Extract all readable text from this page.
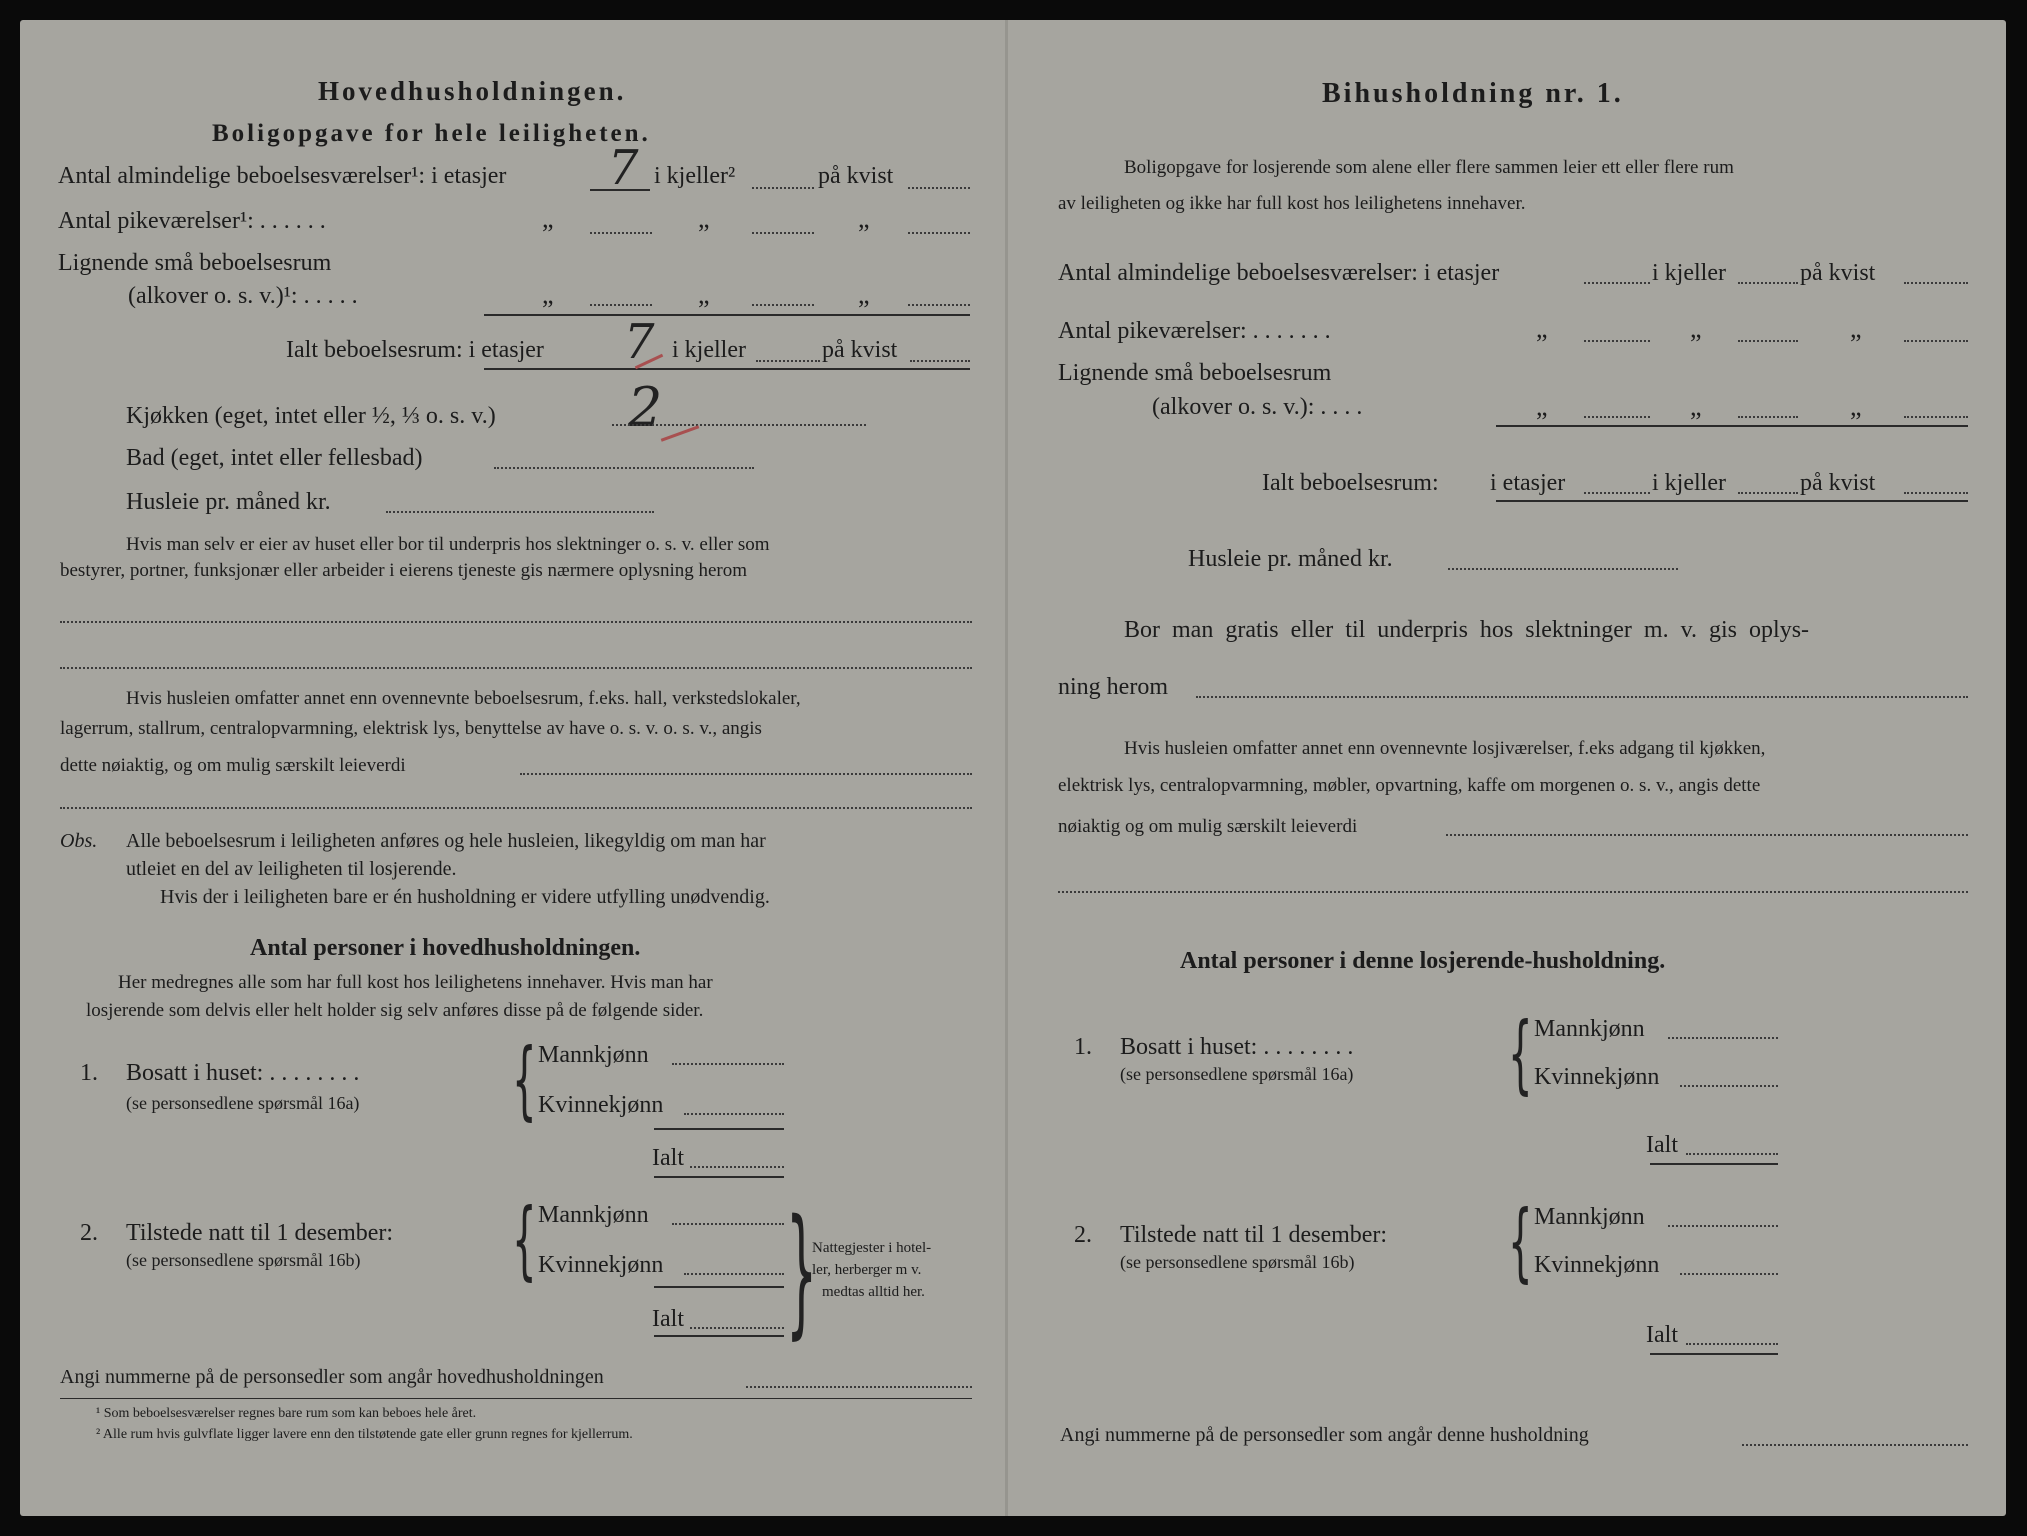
Hovedhusholdningen.
Boligopgave for hele leiligheten.
Antal almindelige beboelsesværelser¹: i etasjer 7 i kjeller²	på kvist
Antal pikeværelser¹: . . . . . .	„	„	„
Lignende små beboelsesrum
(alkover o. s. v.)¹: . . . . .	„	„	„
Ialt beboelsesrum: i etasjer 7 i kjeller	på kvist
Kjøkken (eget, intet eller ½, ⅓ o. s. v.) 2
Bad (eget, intet eller fellesbad)
Husleie pr. måned kr.
Hvis man selv er eier av huset eller bor til underpris hos slektninger o. s. v. eller som
bestyrer, portner, funksjonær eller arbeider i eierens tjeneste gis nærmere oplysning herom
Hvis husleien omfatter annet enn ovennevnte beboelsesrum, f.eks. hall, verkstedslokaler,
lagerrum, stallrum, centralopvarmning, elektrisk lys, benyttelse av have o. s. v. o. s. v., angis
dette nøiaktig, og om mulig særskilt leieverdi
Obs. Alle beboelsesrum i leiligheten anføres og hele husleien, likegyldig om man har
utleiet en del av leiligheten til losjerende.
Hvis der i leiligheten bare er én husholdning er videre utfylling unødvendig.
Antal personer i hovedhusholdningen.
Her medregnes alle som har full kost hos leilighetens innehaver. Hvis man har
losjerende som delvis eller helt holder sig selv anføres disse på de følgende sider.
1. Bosatt i huset: . . . . . . . .
(se personsedlene spørsmål 16a) { Mannkjønn
Kvinnekjønn
Ialt
2. Tilstede natt til 1 desember:
(se personsedlene spørsmål 16b) { Mannkjønn
Kvinnekjønn
Ialt }
Nattegjester i hotel-
ler, herberger m v.
medtas alltid her.
Angi nummerne på de personsedler som angår hovedhusholdningen
¹ Som beboelsesværelser regnes bare rum som kan beboes hele året.
² Alle rum hvis gulvflate ligger lavere enn den tilstøtende gate eller grunn regnes for kjellerrum.
Bihusholdning nr. 1.
Boligopgave for losjerende som alene eller flere sammen leier ett eller flere rum
av leiligheten og ikke har full kost hos leilighetens innehaver.
Antal almindelige beboelsesværelser: i etasjer	i kjeller	på kvist
Antal pikeværelser: . . . . . . .	„	„	„
Lignende små beboelsesrum
(alkover o. s. v.): . . . .	„	„	„
Ialt beboelsesrum: i etasjer	i kjeller	på kvist
Husleie pr. måned kr.
Bor man gratis eller til underpris hos slektninger m. v. gis oplys-
ning herom
Hvis husleien omfatter annet enn ovennevnte losjiværelser, f.eks adgang til kjøkken,
elektrisk lys, centralopvarmning, møbler, opvartning, kaffe om morgenen o. s. v., angis dette
nøiaktig og om mulig særskilt leieverdi
Antal personer i denne losjerende-husholdning.
1. Bosatt i huset: . . . . . . . .
(se personsedlene spørsmål 16a) { Mannkjønn
Kvinnekjønn
Ialt
2. Tilstede natt til 1 desember:
(se personsedlene spørsmål 16b) { Mannkjønn
Kvinnekjønn
Ialt
Angi nummerne på de personsedler som angår denne husholdning
